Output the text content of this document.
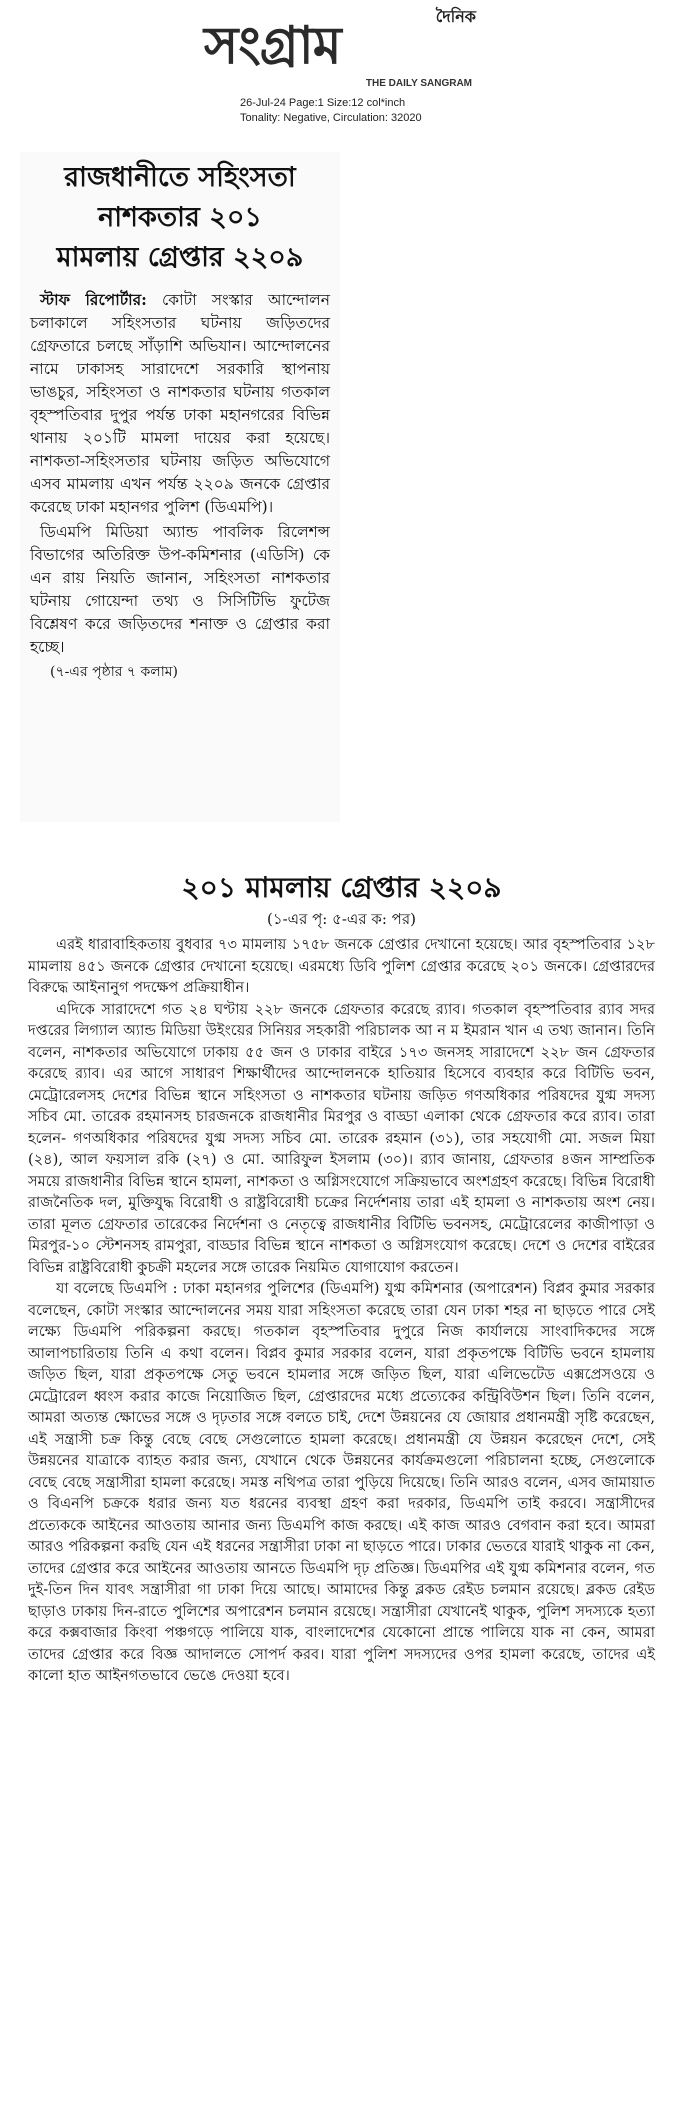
দৈনিক
সংগ্রাম
THE DAILY SANGRAM
26-Jul-24 Page:1 Size:12 col*inch
Tonality: Negative, Circulation: 32020
রাজধানীতে সহিংসতা
নাশকতার ২০১
মামলায় গ্রেপ্তার ২২০৯

স্টাফ রিপোর্টার: কোটা সংস্কার আন্দোলন চলাকালে সহিংসতার ঘটনায় জড়িতদের গ্রেফতারে চলছে সাঁড়াশি অভিযান। আন্দোলনের নামে ঢাকাসহ সারাদেশে সরকারি স্থাপনায় ভাঙচুর, সহিংসতা ও নাশকতার ঘটনায় গতকাল বৃহস্পতিবার দুপুর পর্যন্ত ঢাকা মহানগরের বিভিন্ন থানায় ২০১টি মামলা দায়ের করা হয়েছে। নাশকতা-সহিংসতার ঘটনায় জড়িত অভিযোগে এসব মামলায় এখন পর্যন্ত ২২০৯ জনকে গ্রেপ্তার করেছে ঢাকা মহানগর পুলিশ (ডিএমপি)।

ডিএমপি মিডিয়া অ্যান্ড পাবলিক রিলেশন্স বিভাগের অতিরিক্ত উপ-কমিশনার (এডিসি) কে এন রায় নিয়তি জানান, সহিংসতা নাশকতার ঘটনায় গোয়েন্দা তথ্য ও সিসিটিভি ফুটেজ বিশ্লেষণ করে জড়িতদের শনাক্ত ও গ্রেপ্তার করা হচ্ছে।

(৭-এর পৃষ্ঠার ৭ কলাম)
২০১ মামলায় গ্রেপ্তার ২২০৯
(১-এর পৃ: ৫-এর ক: পর)

এরই ধারাবাহিকতায় বুধবার ৭৩ মামলায় ১৭৫৮ জনকে গ্রেপ্তার দেখানো হয়েছে। আর বৃহস্পতিবার ১২৮ মামলায় ৪৫১ জনকে গ্রেপ্তার দেখানো হয়েছে। এরমধ্যে ডিবি পুলিশ গ্রেপ্তার করেছে ২০১ জনকে। গ্রেপ্তারদের বিরুদ্ধে আইনানুগ পদক্ষেপ প্রক্রিয়াধীন।

এদিকে সারাদেশে গত ২৪ ঘণ্টায় ২২৮ জনকে গ্রেফতার করেছে র‌্যাব। গতকাল বৃহস্পতিবার র‌্যাব সদর দপ্তরের লিগ্যাল অ্যান্ড মিডিয়া উইংয়ের সিনিয়র সহকারী পরিচালক আ ন ম ইমরান খান এ তথ্য জানান। তিনি বলেন, নাশকতার অভিযোগে ঢাকায় ৫৫ জন ও ঢাকার বাইরে ১৭৩ জনসহ সারাদেশে ২২৮ জন গ্রেফতার করেছে র‌্যাব। এর আগে সাধারণ শিক্ষার্থীদের আন্দোলনকে হাতিয়ার হিসেবে ব্যবহার করে বিটিভি ভবন, মেট্রোরেলসহ দেশের বিভিন্ন স্থানে সহিংসতা ও নাশকতার ঘটনায় জড়িত গণঅধিকার পরিষদের যুগ্ম সদস্য সচিব মো. তারেক রহমানসহ চারজনকে রাজধানীর মিরপুর ও বাড্ডা এলাকা থেকে গ্রেফতার করে র‌্যাব। তারা হলেন- গণঅধিকার পরিষদের যুগ্ম সদস্য সচিব মো. তারেক রহমান (৩১), তার সহযোগী মো. সজল মিয়া (২৪), আল ফয়সাল রকি (২৭) ও মো. আরিফুল ইসলাম (৩০)। র‌্যাব জানায়, গ্রেফতার ৪জন সাম্প্রতিক সময়ে রাজধানীর বিভিন্ন স্থানে হামলা, নাশকতা ও অগ্নিসংযোগে সক্রিয়ভাবে অংশগ্রহণ করেছে। বিভিন্ন বিরোধী রাজনৈতিক দল, মুক্তিযুদ্ধ বিরোধী ও রাষ্ট্রবিরোধী চক্রের নির্দেশনায় তারা এই হামলা ও নাশকতায় অংশ নেয়। তারা মূলত গ্রেফতার তারেকের নির্দেশনা ও নেতৃত্বে রাজধানীর বিটিভি ভবনসহ, মেট্রোরেলের কাজীপাড়া ও মিরপুর-১০ স্টেশনসহ রামপুরা, বাড্ডার বিভিন্ন স্থানে নাশকতা ও অগ্নিসংযোগ করেছে। দেশে ও দেশের বাইরের বিভিন্ন রাষ্ট্রবিরোধী কুচক্রী মহলের সঙ্গে তারেক নিয়মিত যোগাযোগ করতেন।

যা বলেছে ডিএমপি : ঢাকা মহানগর পুলিশের (ডিএমপি) যুগ্ম কমিশনার (অপারেশন) বিপ্লব কুমার সরকার বলেছেন, কোটা সংস্কার আন্দোলনের সময় যারা সহিংসতা করেছে তারা যেন ঢাকা শহর না ছাড়তে পারে সেই লক্ষ্যে ডিএমপি পরিকল্পনা করছে। গতকাল বৃহস্পতিবার দুপুরে নিজ কার্যালয়ে সাংবাদিকদের সঙ্গে আলাপচারিতায় তিনি এ কথা বলেন। বিপ্লব কুমার সরকার বলেন, যারা প্রকৃতপক্ষে বিটিভি ভবনে হামলায় জড়িত ছিল, যারা প্রকৃতপক্ষে সেতু ভবনে হামলার সঙ্গে জড়িত ছিল, যারা এলিভেটেড এক্সপ্রেসওয়ে ও মেট্রোরেল ধ্বংস করার কাজে নিয়োজিত ছিল, গ্রেপ্তারদের মধ্যে প্রত্যেকের কন্ট্রিবিউশন ছিল। তিনি বলেন, আমরা অত্যন্ত ক্ষোভের সঙ্গে ও দৃঢ়তার সঙ্গে বলতে চাই, দেশে উন্নয়নের যে জোয়ার প্রধানমন্ত্রী সৃষ্টি করেছেন, এই সন্ত্রাসী চক্র কিন্তু বেছে বেছে সেগুলোতে হামলা করেছে। প্রধানমন্ত্রী যে উন্নয়ন করেছেন দেশে, সেই উন্নয়নের যাত্রাকে ব্যাহত করার জন্য, যেখানে থেকে উন্নয়নের কার্যক্রমগুলো পরিচালনা হচ্ছে, সেগুলোকে বেছে বেছে সন্ত্রাসীরা হামলা করেছে। সমস্ত নথিপত্র তারা পুড়িয়ে দিয়েছে। তিনি আরও বলেন, এসব জামায়াত ও বিএনপি চক্রকে ধরার জন্য যত ধরনের ব্যবস্থা গ্রহণ করা দরকার, ডিএমপি তাই করবে। সন্ত্রাসীদের প্রত্যেককে আইনের আওতায় আনার জন্য ডিএমপি কাজ করছে। এই কাজ আরও বেগবান করা হবে। আমরা আরও পরিকল্পনা করছি যেন এই ধরনের সন্ত্রাসীরা ঢাকা না ছাড়তে পারে। ঢাকার ভেতরে যারাই থাকুক না কেন, তাদের গ্রেপ্তার করে আইনের আওতায় আনতে ডিএমপি দৃঢ় প্রতিজ্ঞ। ডিএমপির এই যুগ্ম কমিশনার বলেন, গত দুই-তিন দিন যাবৎ সন্ত্রাসীরা গা ঢাকা দিয়ে আছে। আমাদের কিন্তু ব্লকড রেইড চলমান রয়েছে। ব্লকড রেইড ছাড়াও ঢাকায় দিন-রাতে পুলিশের অপারেশন চলমান রয়েছে। সন্ত্রাসীরা যেখানেই থাকুক, পুলিশ সদস্যকে হত্যা করে কক্সবাজার কিংবা পঞ্চগড়ে পালিয়ে যাক, বাংলাদেশের যেকোনো প্রান্তে পালিয়ে যাক না কেন, আমরা তাদের গ্রেপ্তার করে বিজ্ঞ আদালতে সোপর্দ করব। যারা পুলিশ সদস্যদের ওপর হামলা করেছে, তাদের এই কালো হাত আইনগতভাবে ভেঙে দেওয়া হবে।
